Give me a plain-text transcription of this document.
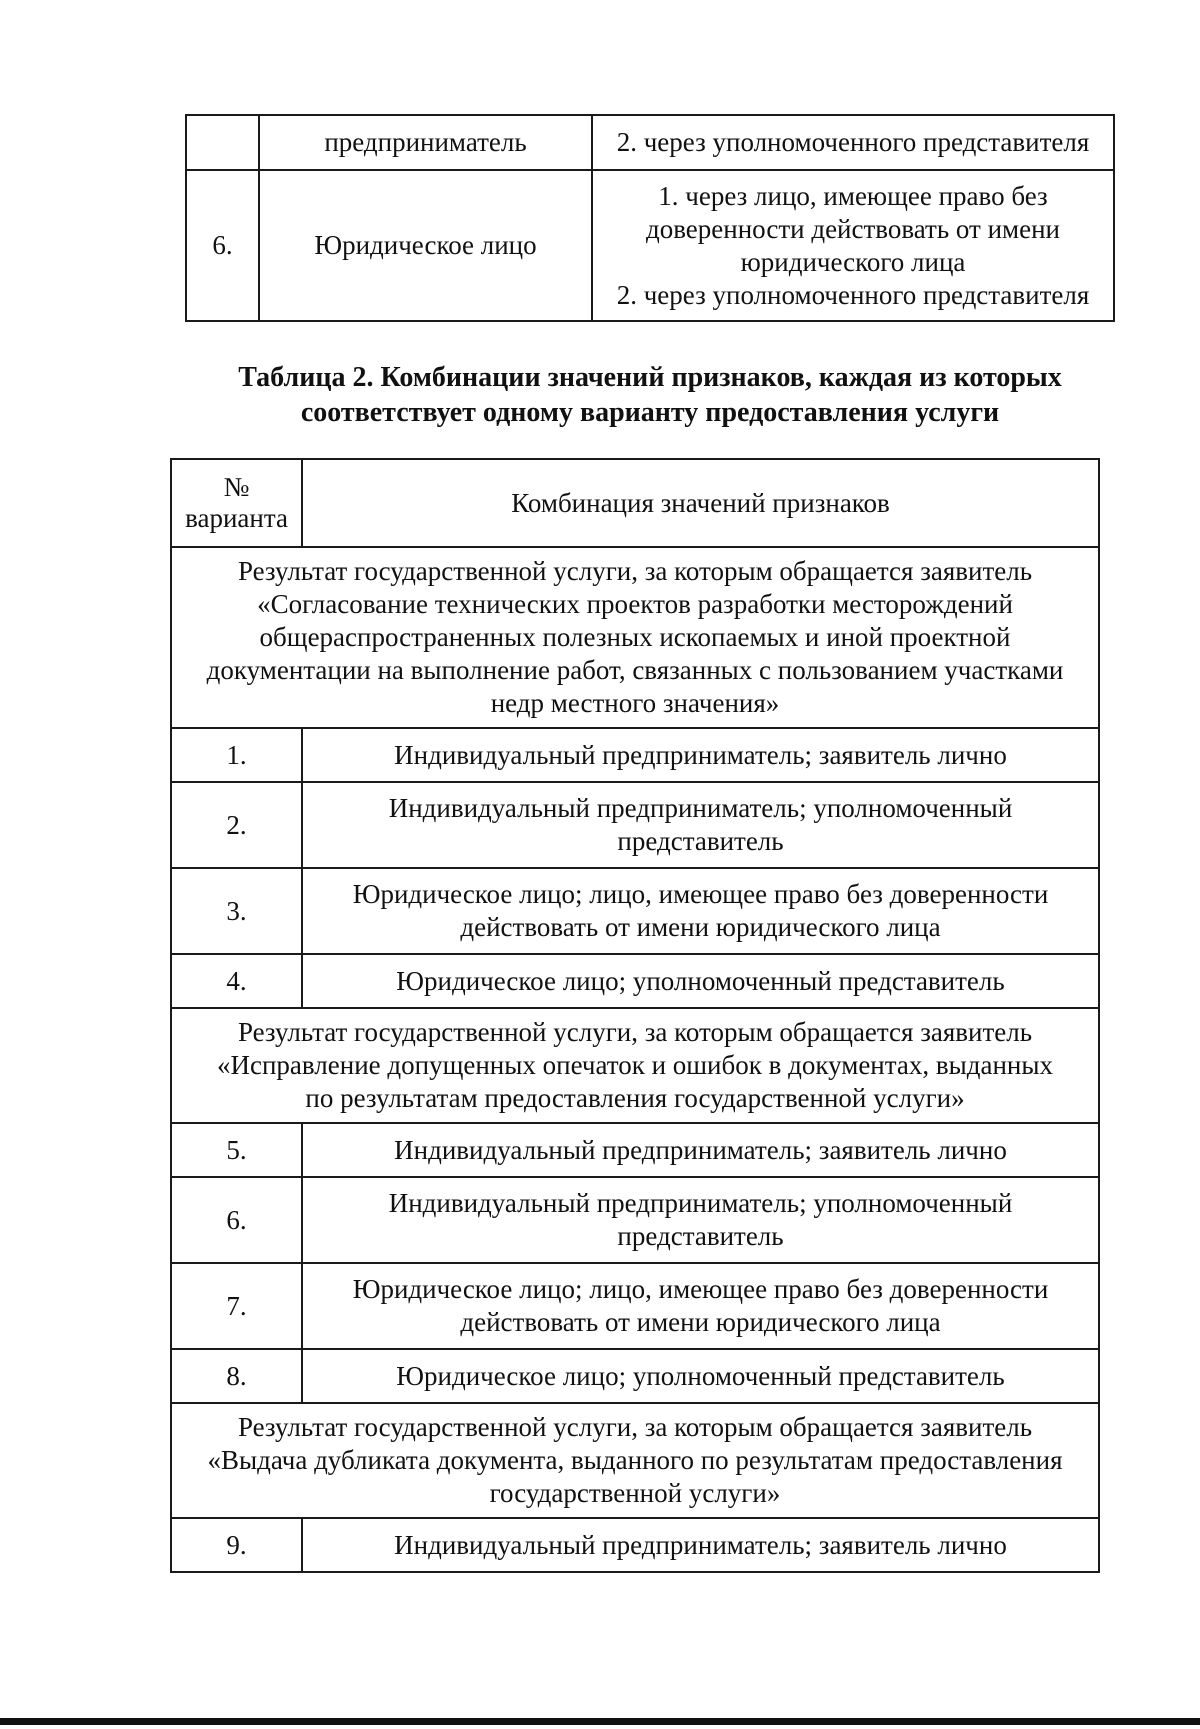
	предприниматель	2. через уполномоченного представителя

6.	Юридическое лицо	1. через лицо, имеющее право без
доверенности действовать от имени
юридического лица
2. через уполномоченного представителя
Таблица 2. Комбинации значений признаков, каждая из которых
соответствует одному варианту предоставления услуги
№
варианта	Комбинация значений признаков

Результат государственной услуги, за которым обращается заявитель
«Согласование технических проектов разработки месторождений
общераспространенных полезных ископаемых и иной проектной
документации на выполнение работ, связанных с пользованием участками
недр местного значения»	

1.	Индивидуальный предприниматель; заявитель лично

2.	Индивидуальный предприниматель; уполномоченный
представитель

3.	Юридическое лицо; лицо, имеющее право без доверенности
действовать от имени юридического лица

4.	Юридическое лицо; уполномоченный представитель

Результат государственной услуги, за которым обращается заявитель
«Исправление допущенных опечаток и ошибок в документах, выданных
по результатам предоставления государственной услуги»	

5.	Индивидуальный предприниматель; заявитель лично

6.	Индивидуальный предприниматель; уполномоченный
представитель

7.	Юридическое лицо; лицо, имеющее право без доверенности
действовать от имени юридического лица

8.	Юридическое лицо; уполномоченный представитель

Результат государственной услуги, за которым обращается заявитель
«Выдача дубликата документа, выданного по результатам предоставления
государственной услуги»	

9.	Индивидуальный предприниматель; заявитель лично
